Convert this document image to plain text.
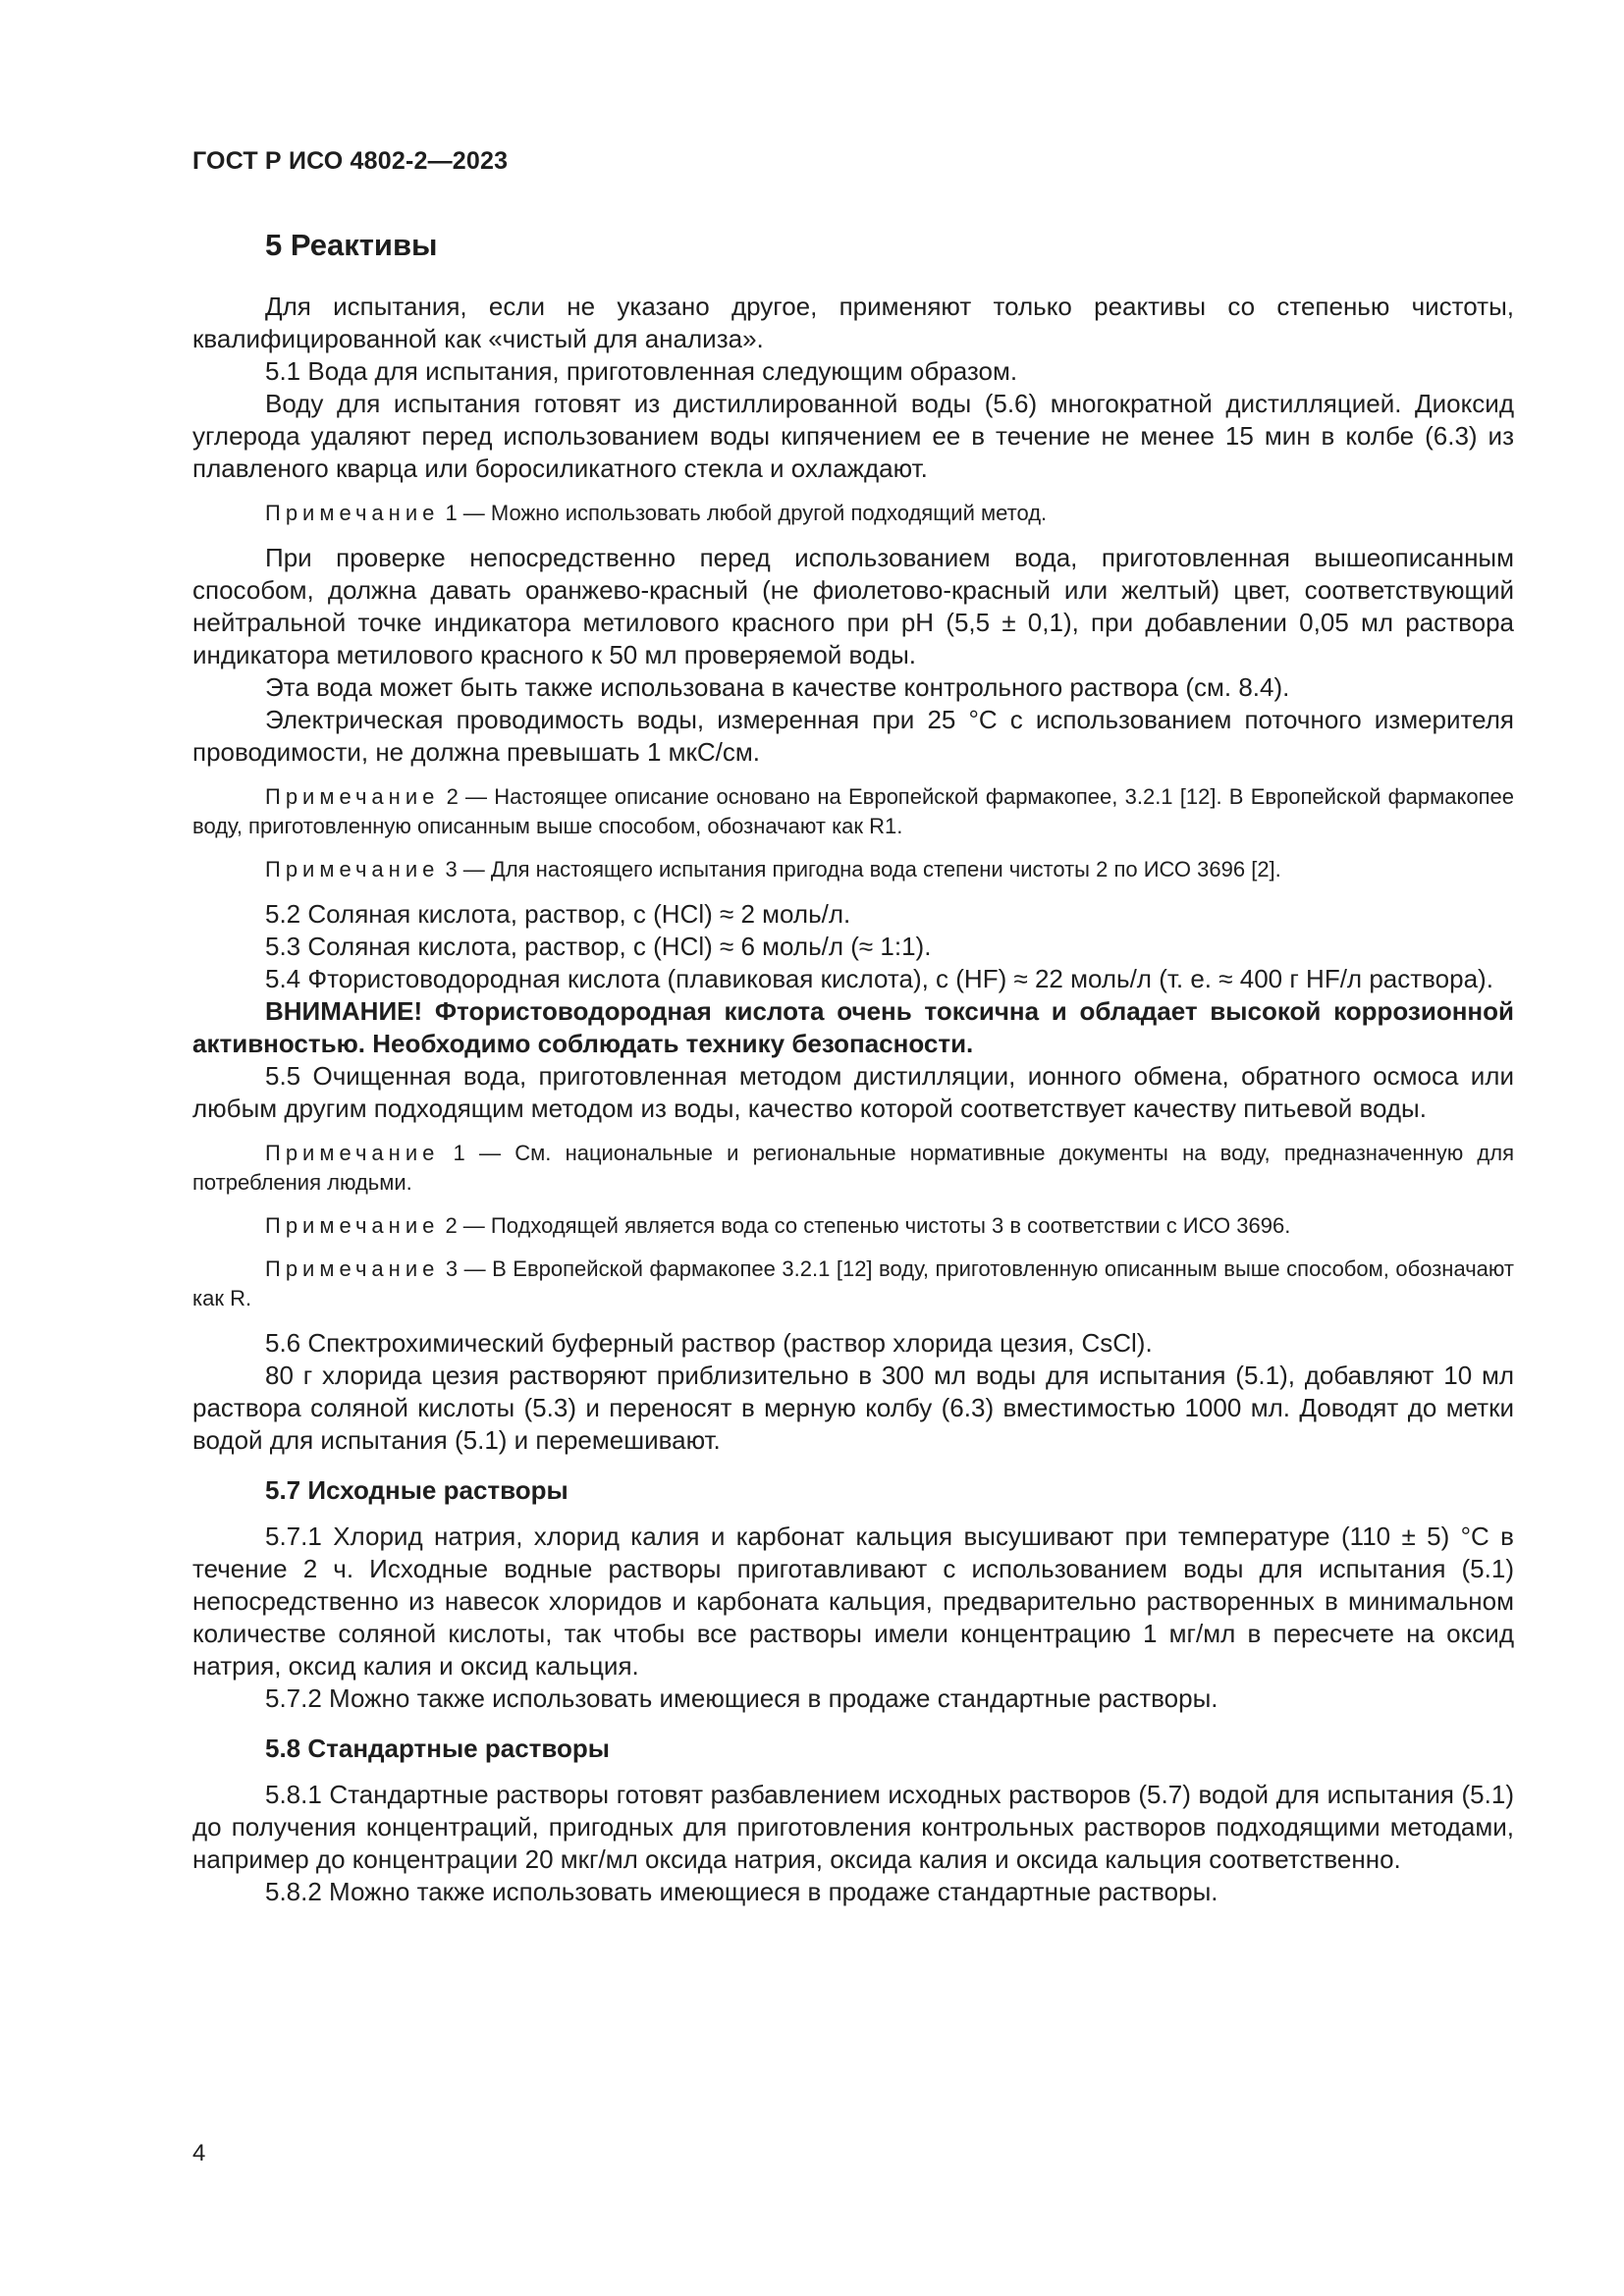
ГОСТ Р ИСО 4802-2—2023
5 Реактивы

Для испытания, если не указано другое, применяют только реактивы со степенью чистоты, квалифицированной как «чистый для анализа».

5.1 Вода для испытания, приготовленная следующим образом.

Воду для испытания готовят из дистиллированной воды (5.6) многократной дистилляцией. Диоксид углерода удаляют перед использованием воды кипячением ее в течение не менее 15 мин в колбе (6.3) из плавленого кварца или боросиликатного стекла и охлаждают.

Примечание 1 — Можно использовать любой другой подходящий метод.

При проверке непосредственно перед использованием вода, приготовленная вышеописанным способом, должна давать оранжево-красный (не фиолетово-красный или желтый) цвет, соответствующий нейтральной точке индикатора метилового красного при pH (5,5 ± 0,1), при добавлении 0,05 мл раствора индикатора метилового красного к 50 мл проверяемой воды.

Эта вода может быть также использована в качестве контрольного раствора (см. 8.4).

Электрическая проводимость воды, измеренная при 25 °С с использованием поточного измерителя проводимости, не должна превышать 1 мкС/см.

Примечание 2 — Настоящее описание основано на Европейской фармакопее, 3.2.1 [12]. В Европейской фармакопее воду, приготовленную описанным выше способом, обозначают как R1.
Примечание 3 — Для настоящего испытания пригодна вода степени чистоты 2 по ИСО 3696 [2].

5.2 Соляная кислота, раствор, c (HCl) ≈ 2 моль/л.

5.3 Соляная кислота, раствор, c (HCl) ≈ 6 моль/л (≈ 1:1).

5.4 Фтористоводородная кислота (плавиковая кислота), c (HF) ≈ 22 моль/л (т. е. ≈ 400 г HF/л раствора).

ВНИМАНИЕ! Фтористоводородная кислота очень токсична и обладает высокой коррозионной активностью. Необходимо соблюдать технику безопасности.

5.5 Очищенная вода, приготовленная методом дистилляции, ионного обмена, обратного осмоса или любым другим подходящим методом из воды, качество которой соответствует качеству питьевой воды.

Примечание 1 — См. национальные и региональные нормативные документы на воду, предназначенную для потребления людьми.
Примечание 2 — Подходящей является вода со степенью чистоты 3 в соответствии с ИСО 3696.
Примечание 3 — В Европейской фармакопее 3.2.1 [12] воду, приготовленную описанным выше способом, обозначают как R.

5.6 Спектрохимический буферный раствор (раствор хлорида цезия, CsCl).

80 г хлорида цезия растворяют приблизительно в 300 мл воды для испытания (5.1), добавляют 10 мл раствора соляной кислоты (5.3) и переносят в мерную колбу (6.3) вместимостью 1000 мл. Доводят до метки водой для испытания (5.1) и перемешивают.

5.7 Исходные растворы

5.7.1 Хлорид натрия, хлорид калия и карбонат кальция высушивают при температуре (110 ± 5) °С в течение 2 ч. Исходные водные растворы приготавливают с использованием воды для испытания (5.1) непосредственно из навесок хлоридов и карбоната кальция, предварительно растворенных в минимальном количестве соляной кислоты, так чтобы все растворы имели концентрацию 1 мг/мл в пересчете на оксид натрия, оксид калия и оксид кальция.

5.7.2 Можно также использовать имеющиеся в продаже стандартные растворы.

5.8 Стандартные растворы

5.8.1 Стандартные растворы готовят разбавлением исходных растворов (5.7) водой для испытания (5.1) до получения концентраций, пригодных для приготовления контрольных растворов подходящими методами, например до концентрации 20 мкг/мл оксида натрия, оксида калия и оксида кальция соответственно.

5.8.2 Можно также использовать имеющиеся в продаже стандартные растворы.

4
